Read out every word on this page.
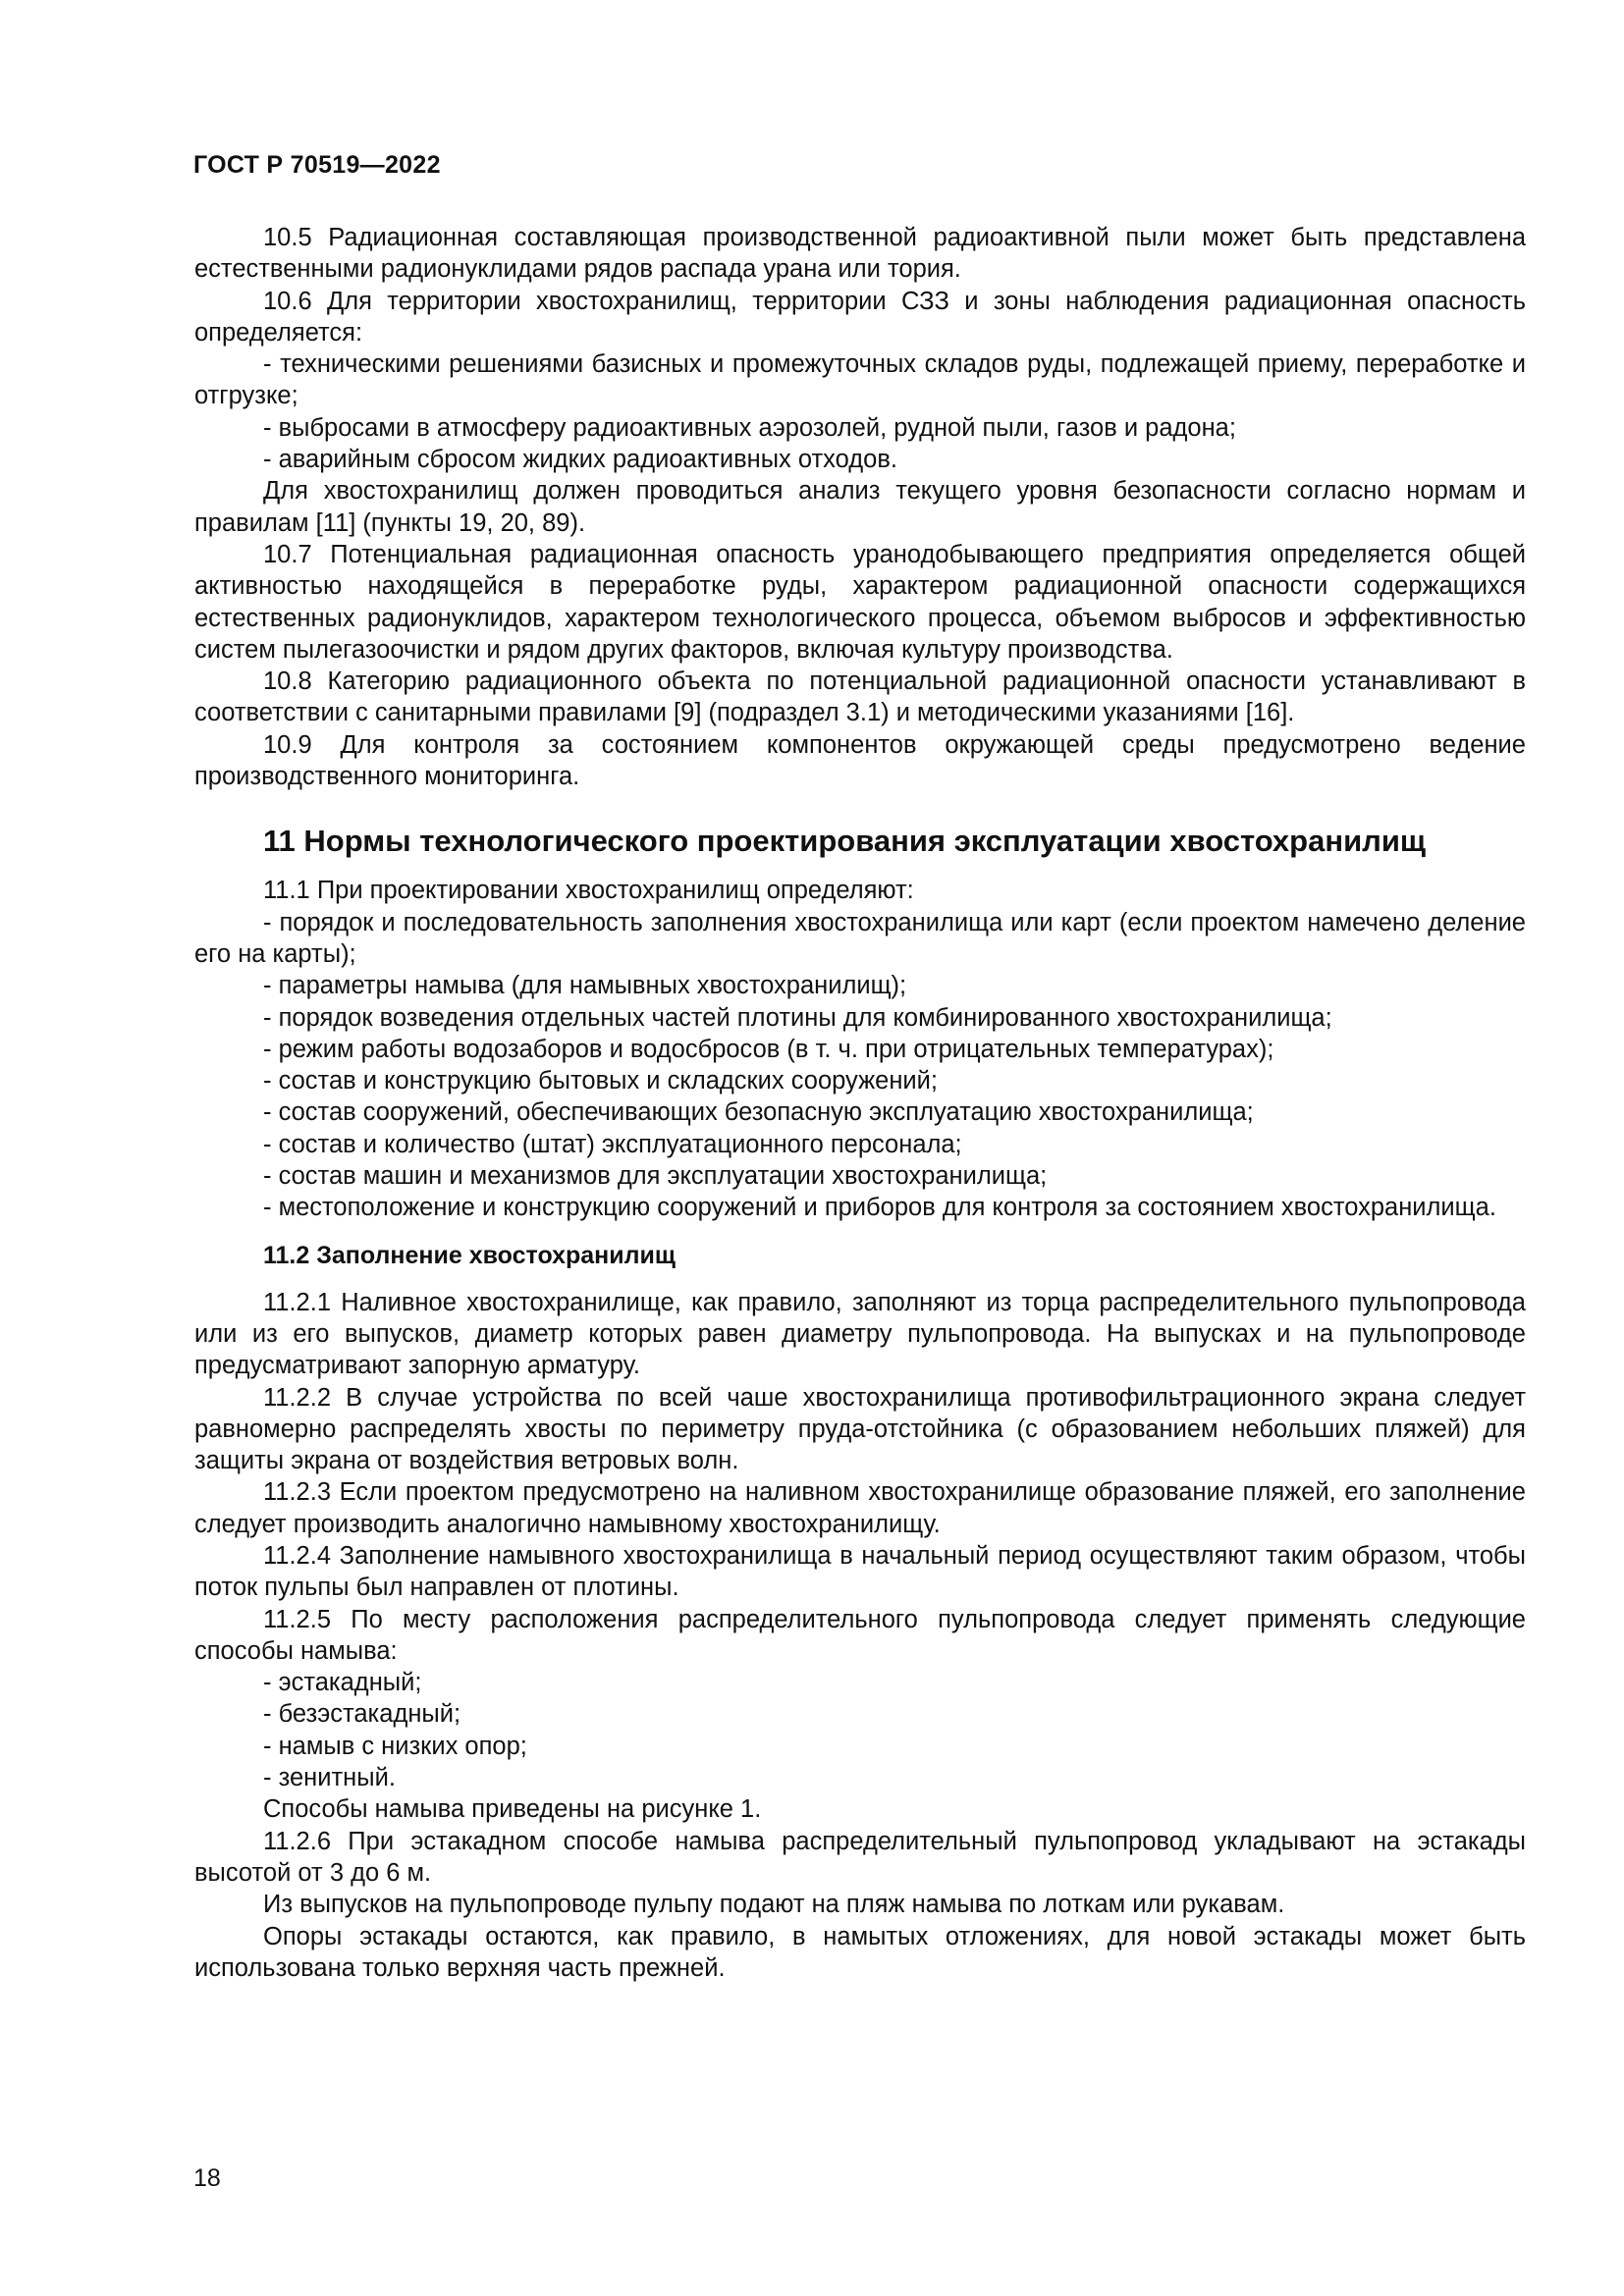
ГОСТ Р 70519—2022

10.5 Радиационная составляющая производственной радиоактивной пыли может быть представлена естественными радионуклидами рядов распада урана или тория.

10.6 Для территории хвостохранилищ, территории СЗЗ и зоны наблюдения радиационная опасность определяется:

- техническими решениями базисных и промежуточных складов руды, подлежащей приему, переработке и отгрузке;

- выбросами в атмосферу радиоактивных аэрозолей, рудной пыли, газов и радона;

- аварийным сбросом жидких радиоактивных отходов.

Для хвостохранилищ должен проводиться анализ текущего уровня безопасности согласно нормам и правилам [11] (пункты 19, 20, 89).

10.7 Потенциальная радиационная опасность уранодобывающего предприятия определяется общей активностью находящейся в переработке руды, характером радиационной опасности содержащихся естественных радионуклидов, характером технологического процесса, объемом выбросов и эффективностью систем пылегазоочистки и рядом других факторов, включая культуру производства.

10.8 Категорию радиационного объекта по потенциальной радиационной опасности устанавливают в соответствии с санитарными правилами [9] (подраздел 3.1) и методическими указаниями [16].

10.9 Для контроля за состоянием компонентов окружающей среды предусмотрено ведение производственного мониторинга.

11 Нормы технологического проектирования эксплуатации хвостохранилищ

11.1 При проектировании хвостохранилищ определяют:

- порядок и последовательность заполнения хвостохранилища или карт (если проектом намечено деление его на карты);

- параметры намыва (для намывных хвостохранилищ);

- порядок возведения отдельных частей плотины для комбинированного хвостохранилища;

- режим работы водозаборов и водосбросов (в т. ч. при отрицательных температурах);

- состав и конструкцию бытовых и складских сооружений;

- состав сооружений, обеспечивающих безопасную эксплуатацию хвостохранилища;

- состав и количество (штат) эксплуатационного персонала;

- состав машин и механизмов для эксплуатации хвостохранилища;

- местоположение и конструкцию сооружений и приборов для контроля за состоянием хвостохранилища.

11.2 Заполнение хвостохранилищ

11.2.1 Наливное хвостохранилище, как правило, заполняют из торца распределительного пульпопровода или из его выпусков, диаметр которых равен диаметру пульпопровода. На выпусках и на пульпопроводе предусматривают запорную арматуру.

11.2.2 В случае устройства по всей чаше хвостохранилища противофильтрационного экрана следует равномерно распределять хвосты по периметру пруда-отстойника (с образованием небольших пляжей) для защиты экрана от воздействия ветровых волн.

11.2.3 Если проектом предусмотрено на наливном хвостохранилище образование пляжей, его заполнение следует производить аналогично намывному хвостохранилищу.

11.2.4 Заполнение намывного хвостохранилища в начальный период осуществляют таким образом, чтобы поток пульпы был направлен от плотины.

11.2.5 По месту расположения распределительного пульпопровода следует применять следующие способы намыва:

- эстакадный;

- безэстакадный;

- намыв с низких опор;

- зенитный.

Способы намыва приведены на рисунке 1.

11.2.6 При эстакадном способе намыва распределительный пульпопровод укладывают на эстакады высотой от 3 до 6 м.

Из выпусков на пульпопроводе пульпу подают на пляж намыва по лоткам или рукавам.

Опоры эстакады остаются, как правило, в намытых отложениях, для новой эстакады может быть использована только верхняя часть прежней.

18
